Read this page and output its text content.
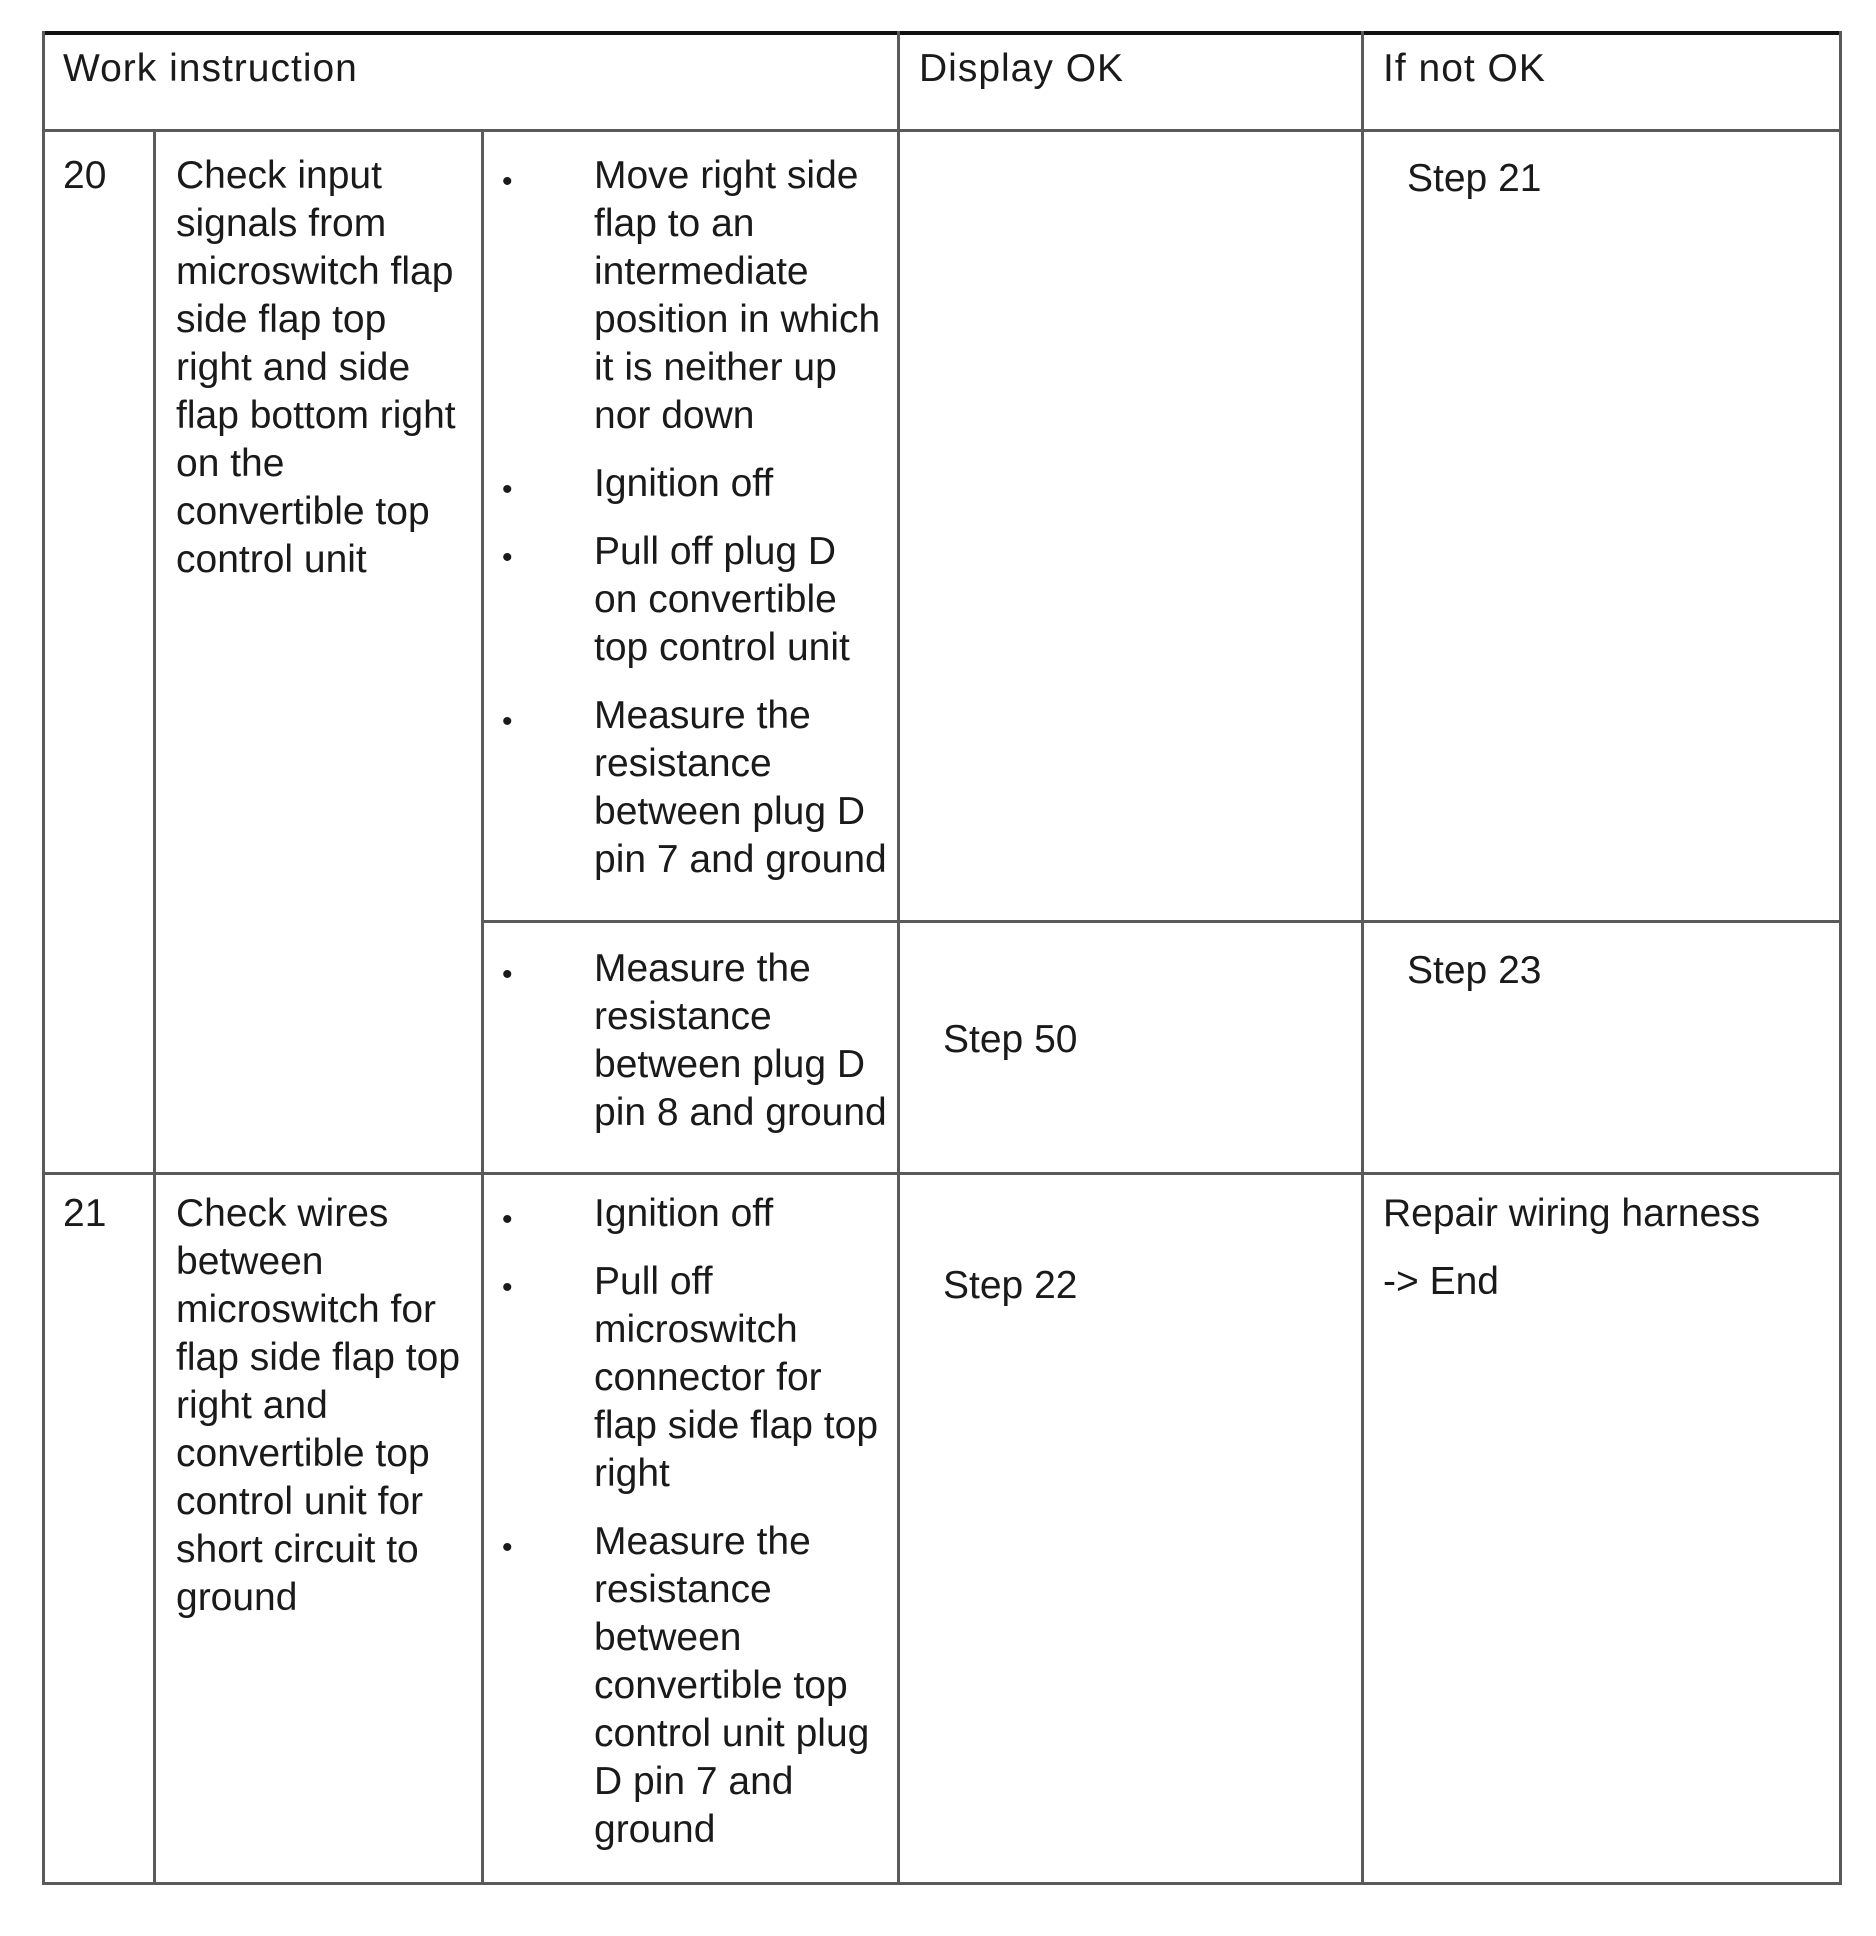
Work instruction	Display OK	If not OK
20 Check input
signals from
microswitch flap
side flap top
right and side
flap bottom right
on the
convertible top
control unit
• Move right side
flap to an
intermediate
position in which
it is neither up
nor down
• Ignition off
• Pull off plug D
on convertible
top control unit
• Measure the
resistance
between plug D
pin 7 and ground
Step 21
• Measure the
resistance
between plug D
pin 8 and ground
Step 50
Step 23
21 Check wires
between
microswitch for
flap side flap top
right and
convertible top
control unit for
short circuit to
ground
• Ignition off
• Pull off
microswitch
connector for
flap side flap top
right
• Measure the
resistance
between
convertible top
control unit plug
D pin 7 and
ground
Step 22
Repair wiring harness
-> End
